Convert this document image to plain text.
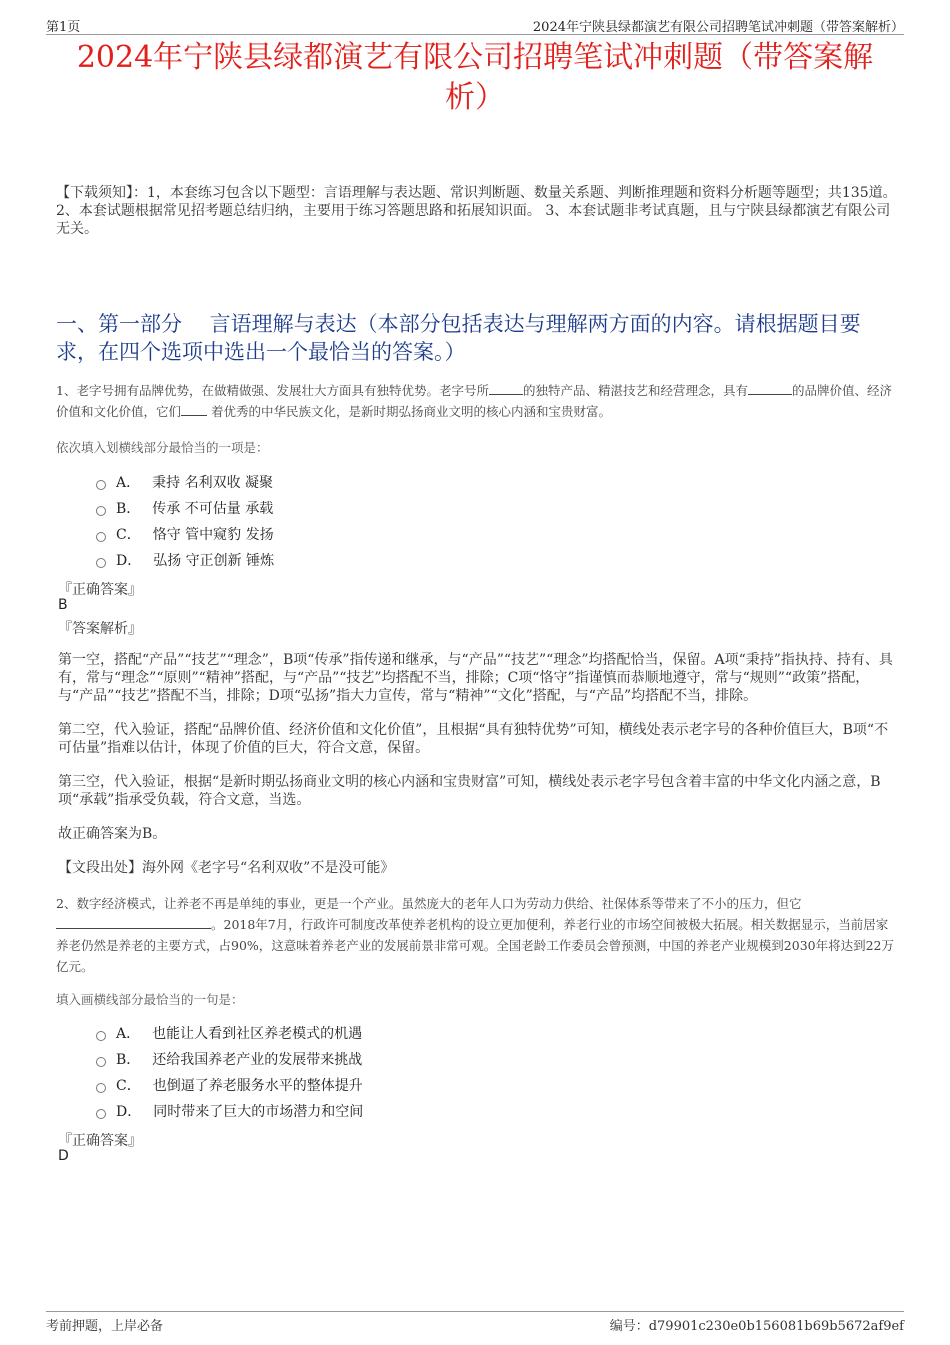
第1页	2024年宁陕县绿都演艺有限公司招聘笔试冲刺题（带答案解析）
2024年宁陕县绿都演艺有限公司招聘笔试冲刺题（带答案解
析）
【下载须知】：1，本套练习包含以下题型：言语理解与表达题、常识判断题、数量关系题、判断推理题和资料分析题等题型；共135道。 2、本套试题根据常见招考题总结归纳，主要用于练习答题思路和拓展知识面。 3、本套试题非考试真题，且与宁陕县绿都演艺有限公司无关。
一、第一部分　 言语理解与表达（本部分包括表达与理解两方面的内容。请根据题目要求，在四个选项中选出一个最恰当的答案。）
1、老字号拥有品牌优势，在做精做强、发展壮大方面具有独特优势。老字号所	的独特产品、精湛技艺和经营理念，具有	的品牌价值、经济价值和文化价值，它们 着优秀的中华民族文化，是新时期弘扬商业文明的核心内涵和宝贵财富。
依次填入划横线部分最恰当的一项是：
A． 秉持 名利双收 凝聚
B． 传承 不可估量 承载
C． 恪守 管中窥豹 发扬
D． 弘扬 守正创新 锤炼
『正确答案』
B
『答案解析』
第一空，搭配“产品”“技艺”“理念”，B项“传承”指传递和继承，与“产品”“技艺”“理念”均搭配恰当，保留。A项“秉持”指执持、持有、具有，常与“理念”“原则”“精神”搭配，与“产品”“技艺”均搭配不当，排除；C项“恪守”指谨慎而恭顺地遵守，常与“规则”“政策”搭配，与“产品”“技艺”搭配不当，排除；D项“弘扬”指大力宣传，常与“精神”“文化”搭配，与“产品”均搭配不当，排除。
第二空，代入验证，搭配“品牌价值、经济价值和文化价值”，且根据“具有独特优势”可知，横线处表示老字号的各种价值巨大，B项“不可估量”指难以估计，体现了价值的巨大，符合文意，保留。
第三空，代入验证，根据“是新时期弘扬商业文明的核心内涵和宝贵财富”可知，横线处表示老字号包含着丰富的中华文化内涵之意，B项“承载”指承受负载，符合文意，当选。
故正确答案为B。
【文段出处】海外网《老字号“名利双收”不是没可能》
2、数字经济模式，让养老不再是单纯的事业，更是一个产业。虽然庞大的老年人口为劳动力供给、社保体系等带来了不小的压力，但它。2018年7月，行政许可制度改革使养老机构的设立更加便利，养老行业的市场空间被极大拓展。相关数据显示，当前居家养老仍然是养老的主要方式，占90%，这意味着养老产业的发展前景非常可观。全国老龄工作委员会曾预测，中国的养老产业规模到2030年将达到22万亿元。
填入画横线部分最恰当的一句是：
A． 也能让人看到社区养老模式的机遇
B． 还给我国养老产业的发展带来挑战
C． 也倒逼了养老服务水平的整体提升
D． 同时带来了巨大的市场潜力和空间
『正确答案』
D
考前押题，上岸必备	编号：d79901c230e0b156081b69b5672af9ef
